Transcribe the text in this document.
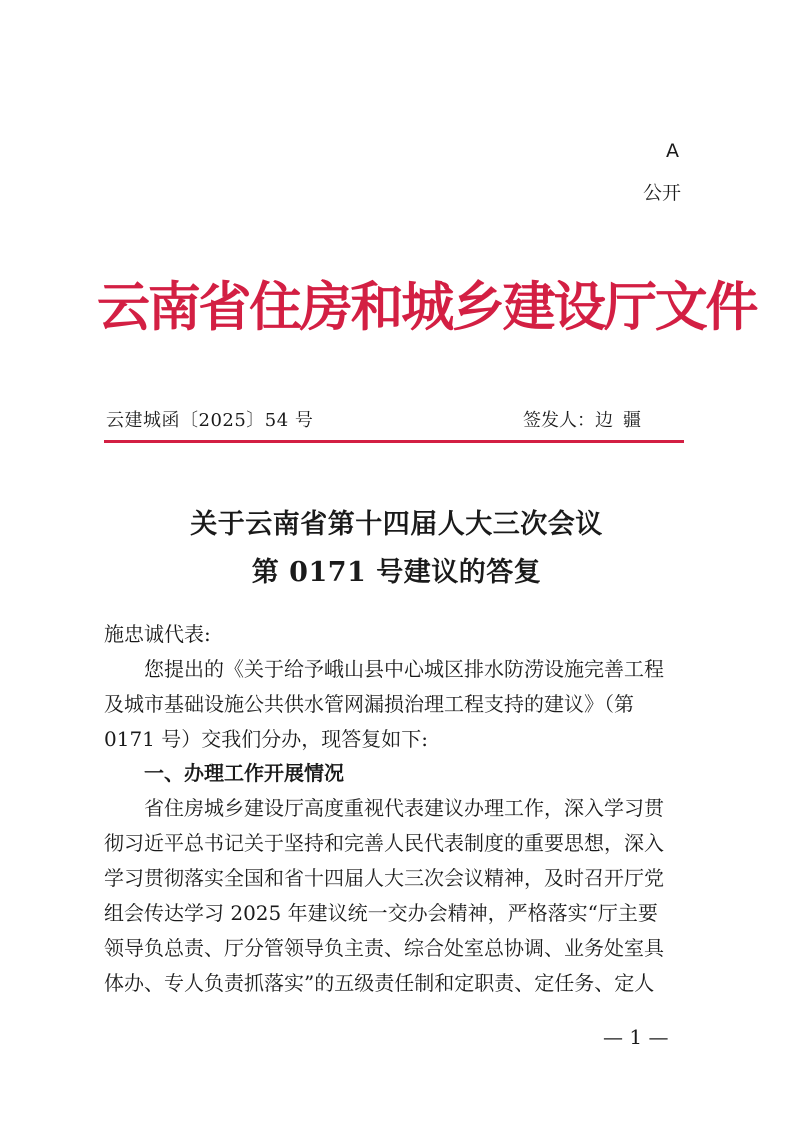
A
公开
云南省住房和城乡建设厅文件
云建城函〔2025〕54 号	签发人：边 疆
关于云南省第十四届人大三次会议
第 0171 号建议的答复
施忠诚代表:
您提出的《关于给予峨山县中心城区排水防涝设施完善工程
及城市基础设施公共供水管网漏损治理工程支持的建议》（第
0171 号）交我们分办，现答复如下:
一、办理工作开展情况
省住房城乡建设厅高度重视代表建议办理工作，深入学习贯
彻习近平总书记关于坚持和完善人民代表制度的重要思想，深入
学习贯彻落实全国和省十四届人大三次会议精神，及时召开厅党
组会传达学习 2025 年建议统一交办会精神，严格落实“厅主要
领导负总责、厅分管领导负主责、综合处室总协调、业务处室具
体办、专人负责抓落实”的五级责任制和定职责、定任务、定人
— 1 —
